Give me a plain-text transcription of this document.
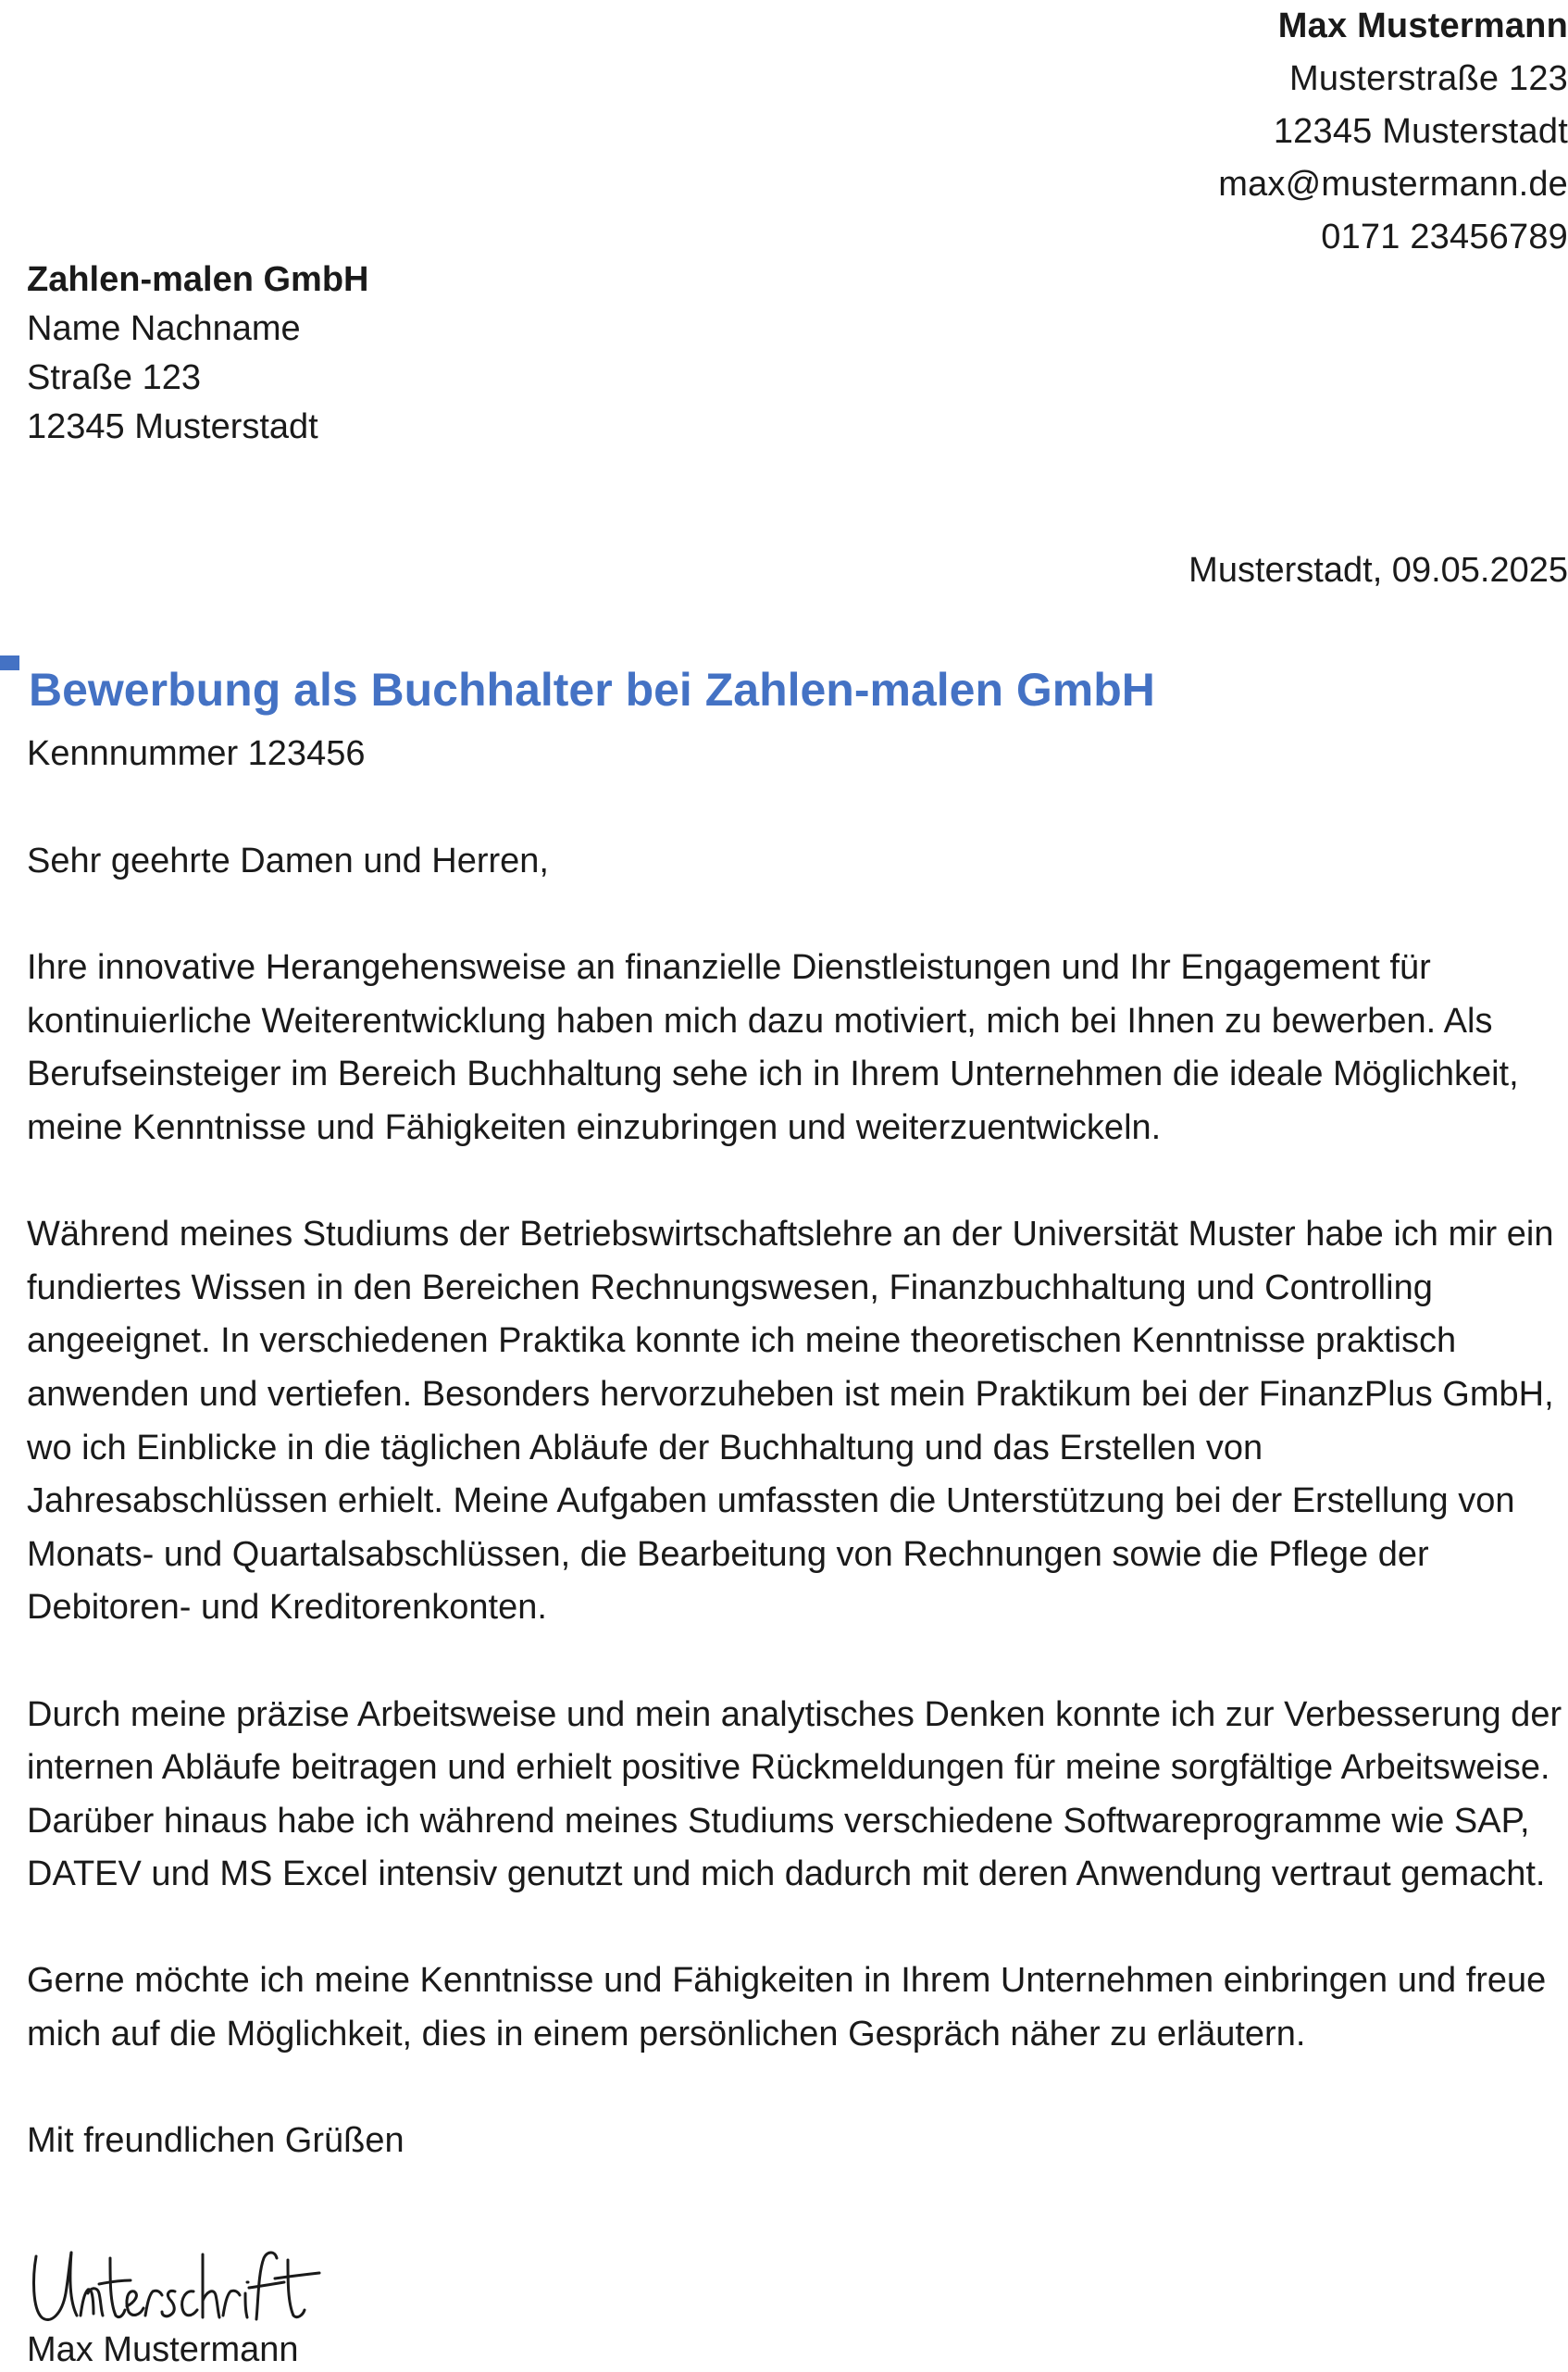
Max Mustermann
Musterstraße 123
12345 Musterstadt
max@mustermann.de
0171 23456789
Zahlen-malen GmbH
Name Nachname
Straße 123
12345 Musterstadt
Musterstadt, 09.05.2025
Bewerbung als Buchhalter bei Zahlen-malen GmbH
Kennnummer 123456

Sehr geehrte Damen und Herren,

Ihre innovative Herangehensweise an finanzielle Dienstleistungen und Ihr Engagement für kontinuierliche Weiterentwicklung haben mich dazu motiviert, mich bei Ihnen zu bewerben. Als Berufseinsteiger im Bereich Buchhaltung sehe ich in Ihrem Unternehmen die ideale Möglichkeit, meine Kenntnisse und Fähigkeiten einzubringen und weiterzuentwickeln.

Während meines Studiums der Betriebswirtschaftslehre an der Universität Muster habe ich mir ein fundiertes Wissen in den Bereichen Rechnungswesen, Finanzbuchhaltung und Controlling angeeignet. In verschiedenen Praktika konnte ich meine theoretischen Kenntnisse praktisch anwenden und vertiefen. Besonders hervorzuheben ist mein Praktikum bei der FinanzPlus GmbH, wo ich Einblicke in die täglichen Abläufe der Buchhaltung und das Erstellen von Jahresabschlüssen erhielt. Meine Aufgaben umfassten die Unterstützung bei der Erstellung von Monats- und Quartalsabschlüssen, die Bearbeitung von Rechnungen sowie die Pflege der Debitoren- und Kreditorenkonten.

Durch meine präzise Arbeitsweise und mein analytisches Denken konnte ich zur Verbesserung der internen Abläufe beitragen und erhielt positive Rückmeldungen für meine sorgfältige Arbeitsweise. Darüber hinaus habe ich während meines Studiums verschiedene Softwareprogramme wie SAP, DATEV und MS Excel intensiv genutzt und mich dadurch mit deren Anwendung vertraut gemacht.

Gerne möchte ich meine Kenntnisse und Fähigkeiten in Ihrem Unternehmen einbringen und freue mich auf die Möglichkeit, dies in einem persönlichen Gespräch näher zu erläutern.

Mit freundlichen Grüßen

Max Mustermann
